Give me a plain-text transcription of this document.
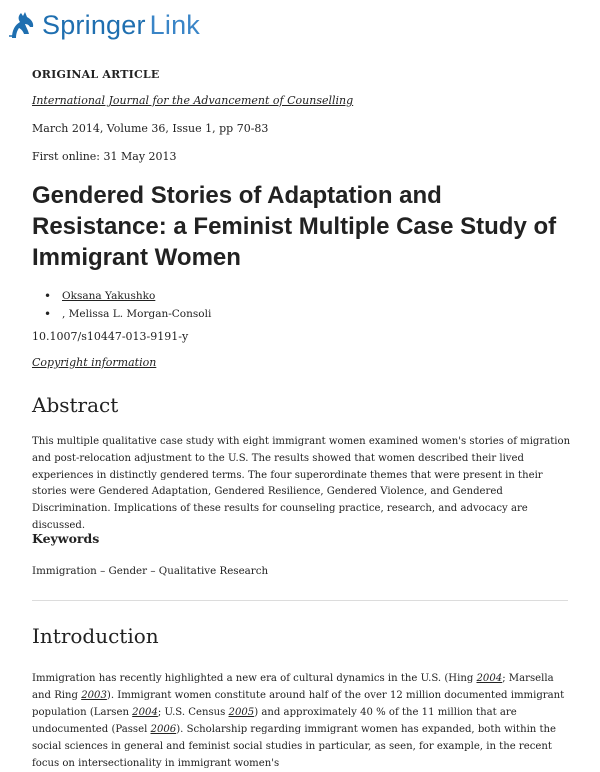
Springer Link
ORIGINAL ARTICLE
International Journal for the Advancement of Counselling
March 2014, Volume 36, Issue 1, pp 70-83
First online: 31 May 2013
Gendered Stories of Adaptation and Resistance: a Feminist Multiple Case Study of Immigrant Women
• Oksana Yakushko
• , Melissa L. Morgan-Consoli
10.1007/s10447-013-9191-y
Copyright information
Abstract

This multiple qualitative case study with eight immigrant women examined women's stories of migration and post-relocation adjustment to the U.S. The results showed that women described their lived experiences in distinctly gendered terms. The four superordinate themes that were present in their stories were Gendered Adaptation, Gendered Resilience, Gendered Violence, and Gendered Discrimination. Implications of these results for counseling practice, research, and advocacy are discussed.

Keywords
Immigration – Gender – Qualitative Research
Introduction

Immigration has recently highlighted a new era of cultural dynamics in the U.S. (Hing 2004; Marsella and Ring 2003). Immigrant women constitute around half of the over 12 million documented immigrant population (Larsen 2004; U.S. Census 2005) and approximately 40 % of the 11 million that are undocumented (Passel 2006). Scholarship regarding immigrant women has expanded, both within the social sciences in general and feminist social studies in particular, as seen, for example, in the recent focus on intersectionality in immigrant women's
